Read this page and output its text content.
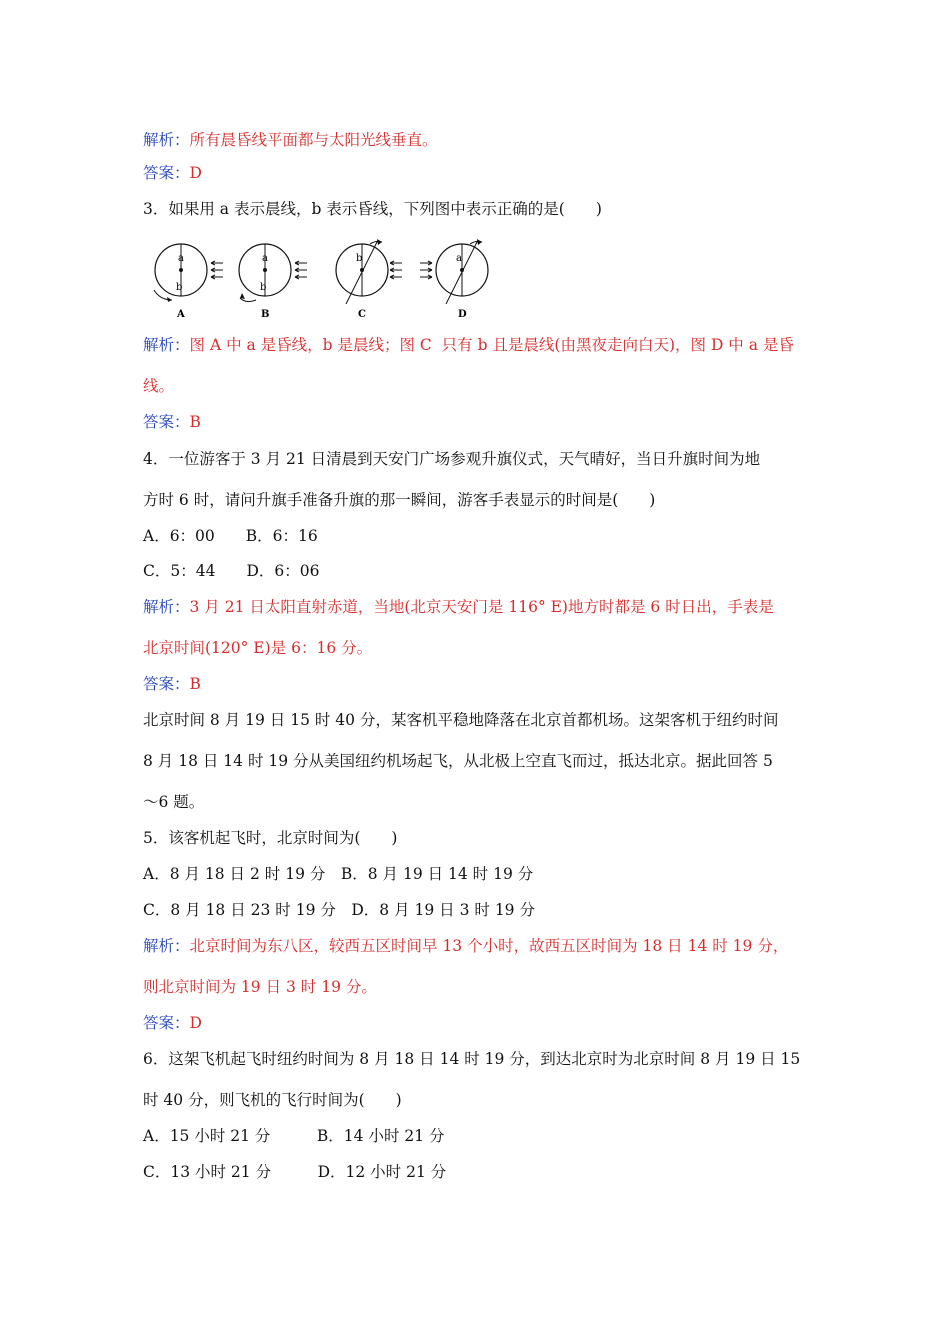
解析：所有晨昏线平面都与太阳光线垂直。
答案：D
3．如果用 a 表示晨线，b 表示昏线，下列图中表示正确的是(　　)
a
b
A
a
b
B
b
C
a
D
解析：图 A 中 a 是昏线，b 是晨线；图 C  只有 b 且是晨线(由黑夜走向白天)，图 D 中 a 是昏
线。
答案：B
4．一位游客于 3 月 21 日清晨到天安门广场参观升旗仪式，天气晴好，当日升旗时间为地
方时 6 时，请问升旗手准备升旗的那一瞬间，游客手表显示的时间是(　　)
A．6：00　　B．6：16
C．5：44　　D．6：06
解析：3 月 21 日太阳直射赤道，当地(北京天安门是 116° E)地方时都是 6 时日出，手表是
北京时间(120° E)是 6：16 分。
答案：B
北京时间 8 月 19 日 15 时 40 分，某客机平稳地降落在北京首都机场。这架客机于纽约时间
8 月 18 日 14 时 19 分从美国纽约机场起飞，从北极上空直飞而过，抵达北京。据此回答 5
～6 题。
5．该客机起飞时，北京时间为(　　)
A．8 月 18 日 2 时 19 分　B．8 月 19 日 14 时 19 分
C．8 月 18 日 23 时 19 分　D．8 月 19 日 3 时 19 分
解析：北京时间为东八区，较西五区时间早 13 个小时，故西五区时间为 18 日 14 时 19 分，
则北京时间为 19 日 3 时 19 分。
答案：D
6．这架飞机起飞时纽约时间为 8 月 18 日 14 时 19 分，到达北京时为北京时间 8 月 19 日 15
时 40 分，则飞机的飞行时间为(　　)
A．15 小时 21 分　　　B．14 小时 21 分
C．13 小时 21 分　　　D．12 小时 21 分
